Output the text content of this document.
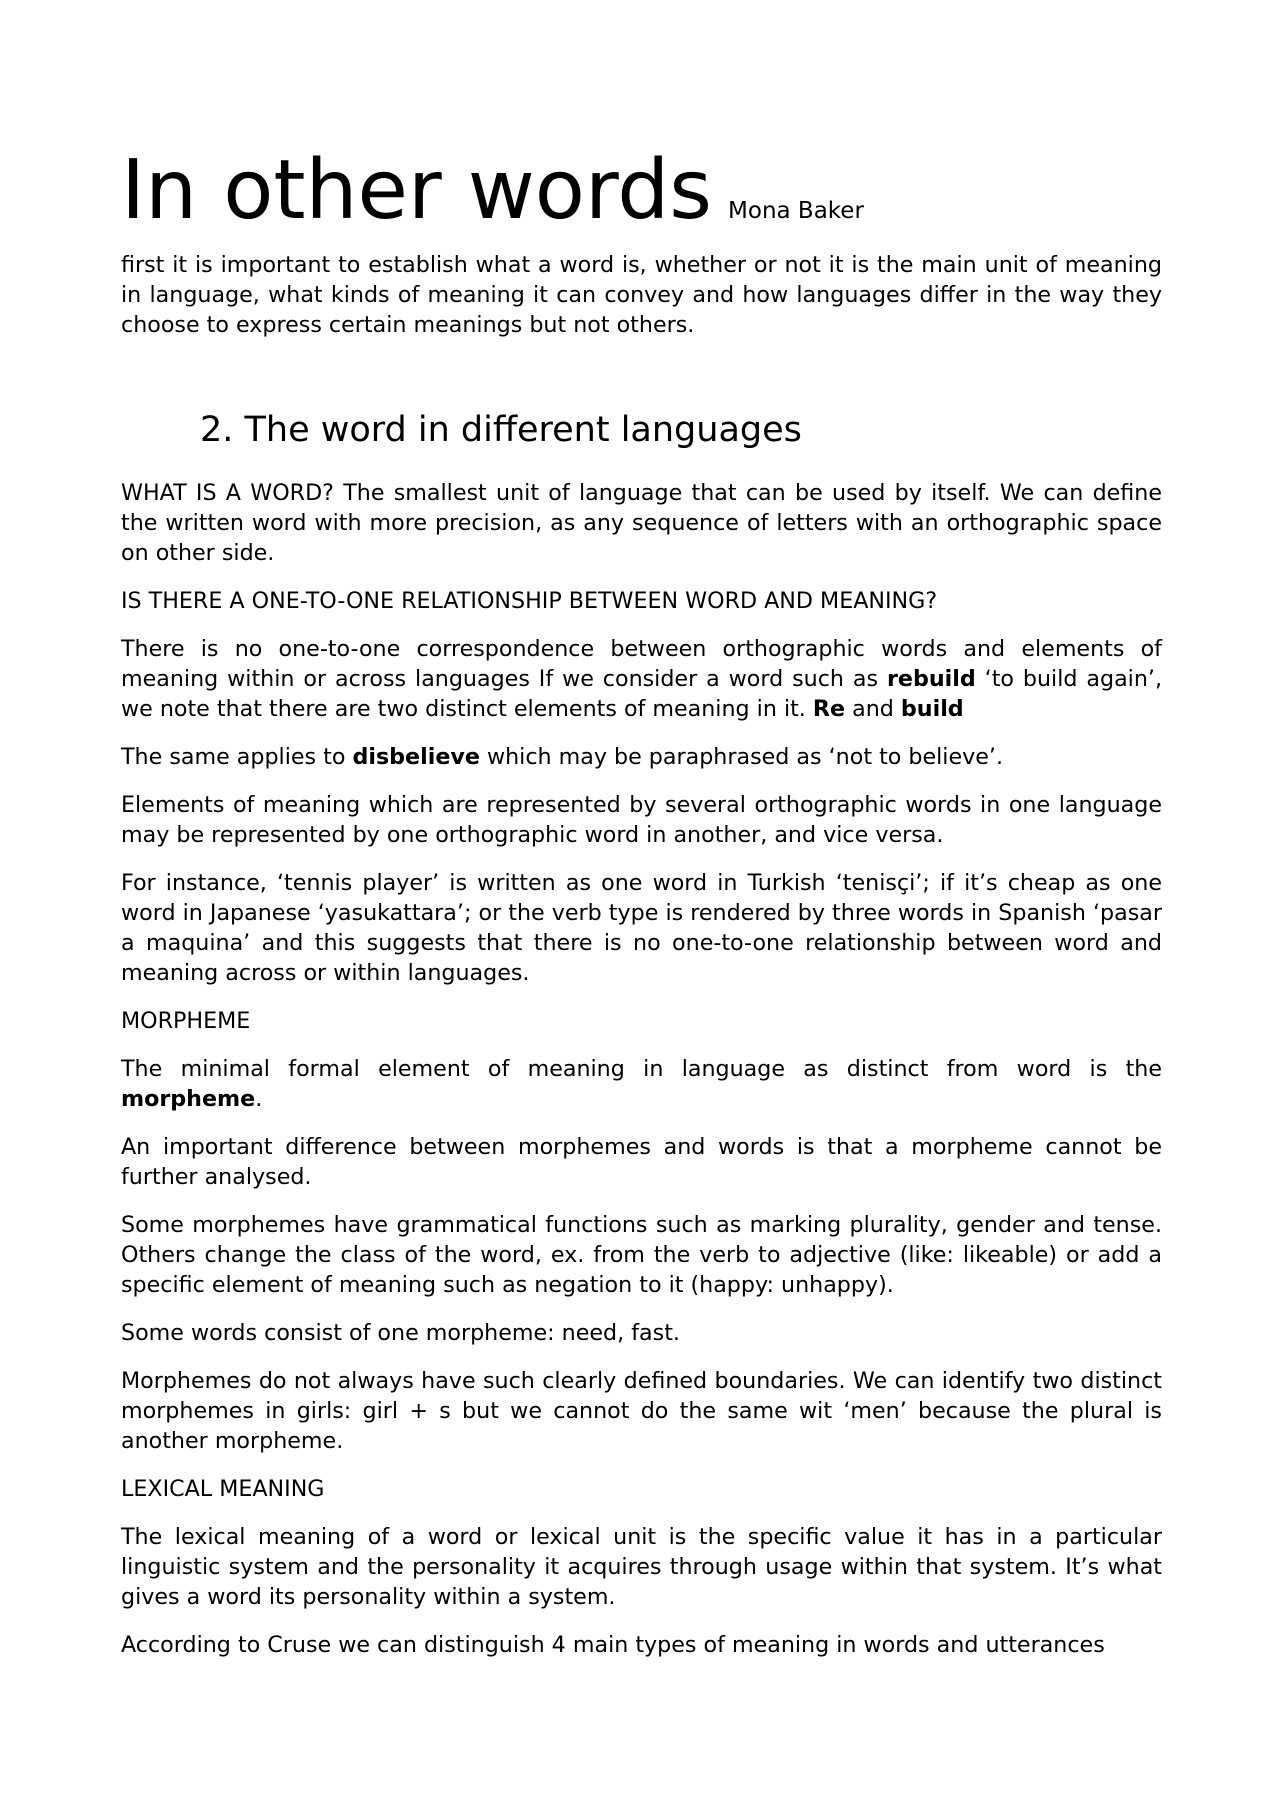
In other words Mona Baker

first it is important to establish what a word is, whether or not it is the main unit of meaning in language, what kinds of meaning it can convey and how languages differ in the way they choose to express certain meanings but not others.

2. The word in different languages

WHAT IS A WORD? The smallest unit of language that can be used by itself. We can define the written word with more precision, as any sequence of letters with an orthographic space on other side.

IS THERE A ONE-TO-ONE RELATIONSHIP BETWEEN WORD AND MEANING?

There is no one-to-one correspondence between orthographic words and elements of meaning within or across languages If we consider a word such as rebuild ‘to build again’, we note that there are two distinct elements of meaning in it. Re and build

The same applies to disbelieve which may be paraphrased as ‘not to believe’.

Elements of meaning which are represented by several orthographic words in one language may be represented by one orthographic word in another, and vice versa.

For instance, ‘tennis player’ is written as one word in Turkish ‘tenisçi’; if it’s cheap as one word in Japanese ‘yasukattara’; or the verb type is rendered by three words in Spanish ‘pasar a maquina’ and this suggests that there is no one-to-one relationship between word and meaning across or within languages.

MORPHEME

The minimal formal element of meaning in language as distinct from word is the morpheme.

An important difference between morphemes and words is that a morpheme cannot be further analysed.

Some morphemes have grammatical functions such as marking plurality, gender and tense. Others change the class of the word, ex. from the verb to adjective (like: likeable) or add a specific element of meaning such as negation to it (happy: unhappy).

Some words consist of one morpheme: need, fast.

Morphemes do not always have such clearly defined boundaries. We can identify two distinct morphemes in girls: girl + s but we cannot do the same wit ‘men’ because the plural is another morpheme.

LEXICAL MEANING

The lexical meaning of a word or lexical unit is the specific value it has in a particular linguistic system and the personality it acquires through usage within that system. It’s what gives a word its personality within a system.

According to Cruse we can distinguish 4 main types of meaning in words and utterances
